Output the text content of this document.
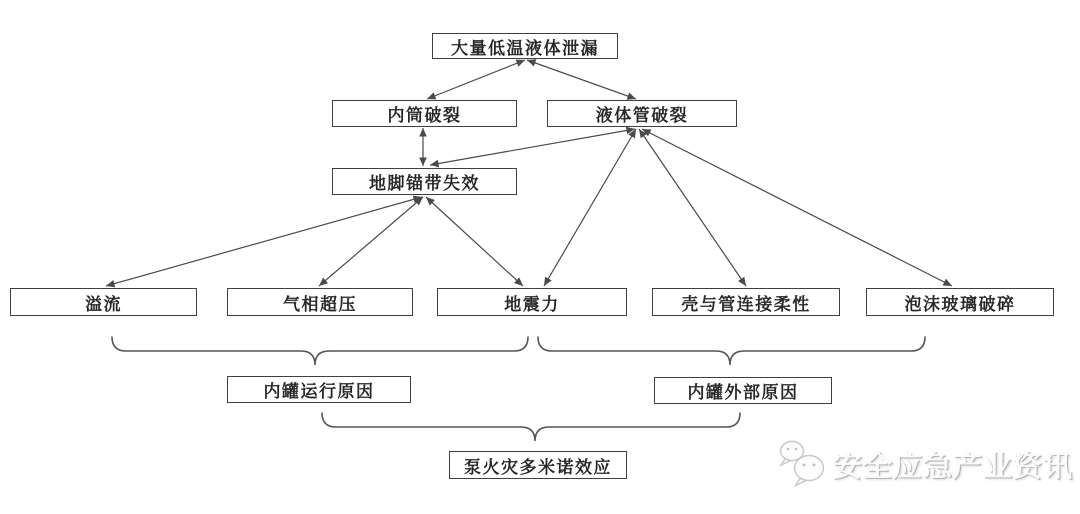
大量低温液体泄漏
内筒破裂	液体管破裂
地脚锚带失效
溢流	气相超压	地震力	壳与管连接柔性	泡沫玻璃破碎
内罐运行原因	内罐外部原因
泵火灾多米诺效应	安全应急产业资讯
